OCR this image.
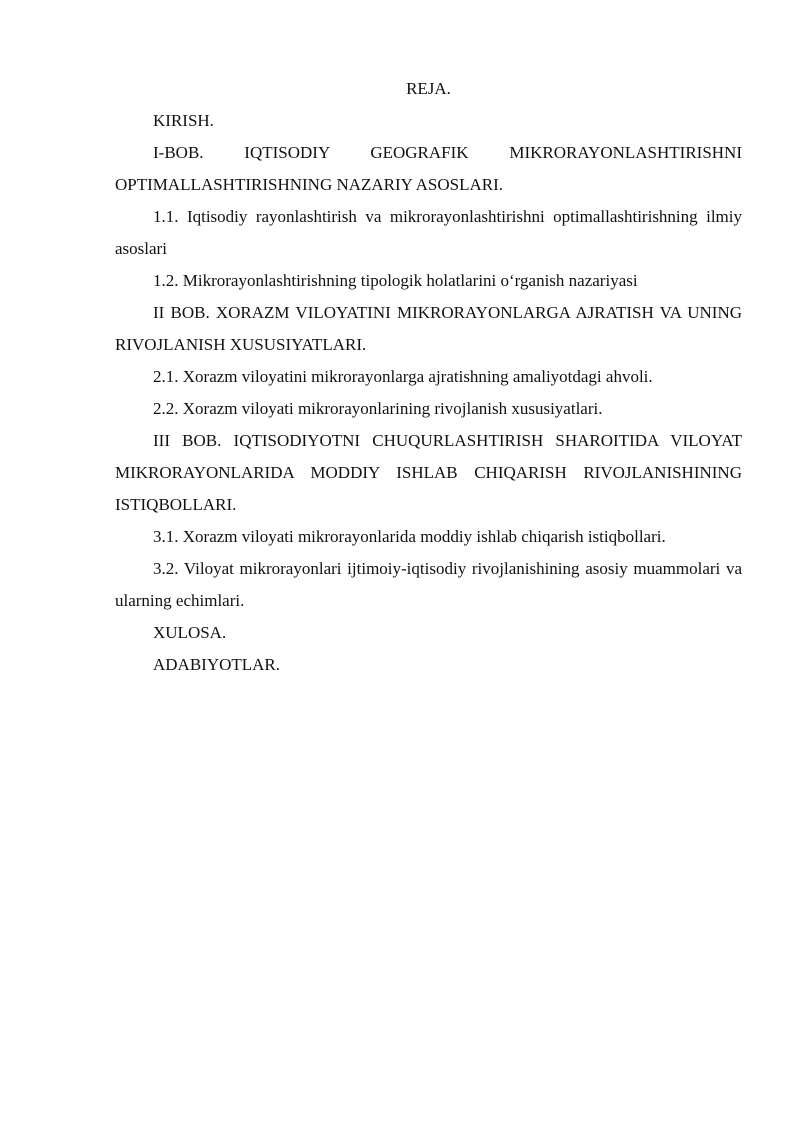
REJA.

KIRISH.

I-BOB. IQTISODIY GEOGRAFIK MIKRORAYONLASHTIRISHNI OPTIMALLASHTIRISHNING NAZARIY ASOSLARI.

1.1. Iqtisodiy rayonlashtirish va mikrorayonlashtirishni optimallashtirishning ilmiy asoslari

1.2. Mikrorayonlashtirishning tipologik holatlarini o‘rganish nazariyasi

II BOB. XORAZM VILOYATINI MIKRORAYONLARGA AJRATISH VA UNING RIVOJLANISH XUSUSIYATLARI.

2.1. Xorazm viloyatini mikrorayonlarga ajratishning amaliyotdagi ahvoli.

2.2. Xorazm viloyati mikrorayonlarining rivojlanish xususiyatlari.

III BOB. IQTISODIYOTNI CHUQURLASHTIRISH SHAROITIDA VILOYAT MIKRORAYONLARIDA MODDIY ISHLAB CHIQARISH RIVOJLANISHINING ISTIQBOLLARI.

3.1. Xorazm viloyati mikrorayonlarida moddiy ishlab chiqarish istiqbollari.

3.2. Viloyat mikrorayonlari ijtimoiy-iqtisodiy rivojlanishining asosiy muammolari va ularning echimlari.

XULOSA.

ADABIYOTLAR.
